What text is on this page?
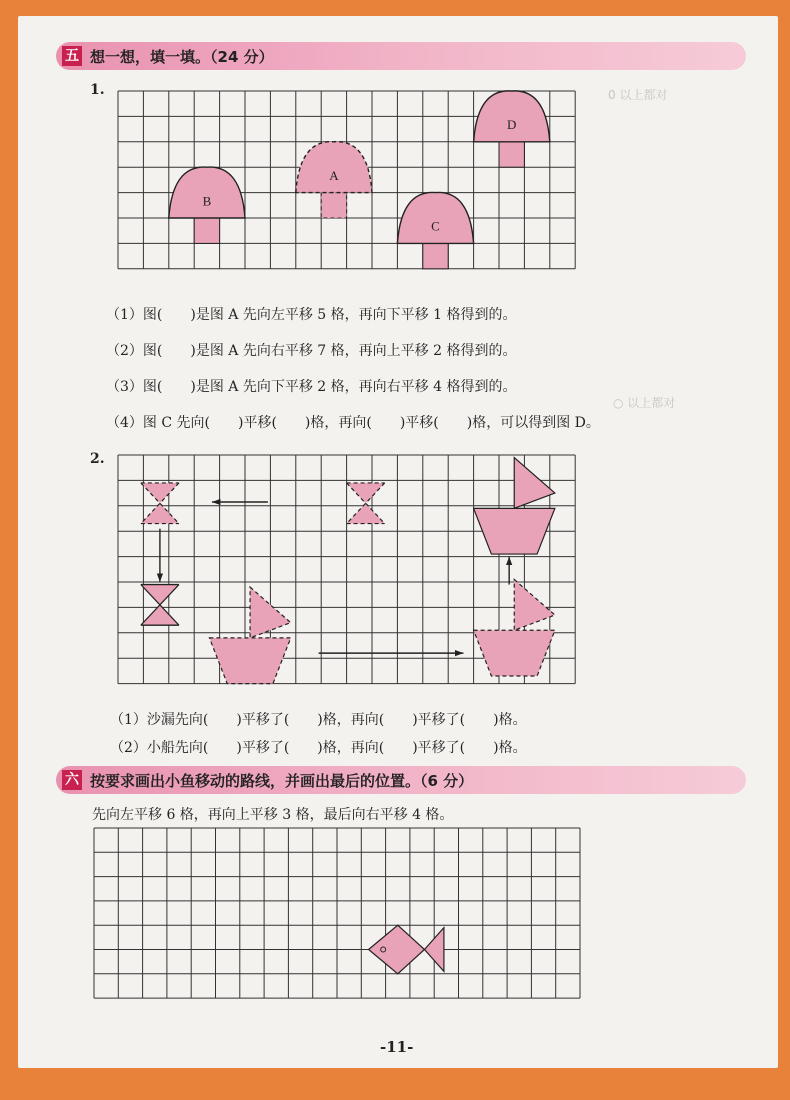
0 以上都对
○ 以上都对
五 想一想，填一填。（24 分）
1.
B
A
C
D
（1）图(　　)是图 A 先向左平移 5 格，再向下平移 1 格得到的。
（2）图(　　)是图 A 先向右平移 7 格，再向上平移 2 格得到的。
（3）图(　　)是图 A 先向下平移 2 格，再向右平移 4 格得到的。
（4）图 C 先向(　　)平移(　　)格，再向(　　)平移(　　)格，可以得到图 D。
2.
（1）沙漏先向(　　)平移了(　　)格，再向(　　)平移了(　　)格。
（2）小船先向(　　)平移了(　　)格，再向(　　)平移了(　　)格。
六 按要求画出小鱼移动的路线，并画出最后的位置。（6 分）
先向左平移 6 格，再向上平移 3 格，最后向右平移 4 格。
-11-
